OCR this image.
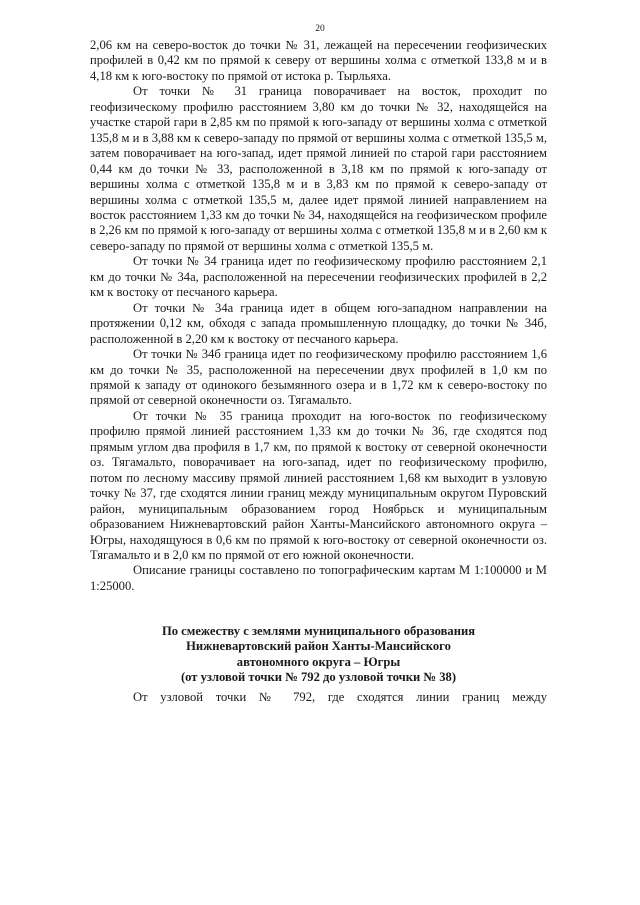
20

2,06 км на северо-восток до точки № 31, лежащей на пересечении геофизических профилей в 0,42 км по прямой к северу от вершины холма с отметкой 133,8 м и в 4,18 км к юго-востоку по прямой от истока р. Тырльяха.

От точки № 31 граница поворачивает на восток, проходит по геофизическому профилю расстоянием 3,80 км до точки № 32, находящейся на участке старой гари в 2,85 км по прямой к юго-западу от вершины холма с отметкой 135,8 м и в 3,88 км к северо-западу по прямой от вершины холма с отметкой 135,5 м, затем поворачивает на юго-запад, идет прямой линией по старой гари расстоянием 0,44 км до точки № 33, расположенной в 3,18 км по прямой к юго-западу от вершины холма с отметкой 135,8 м и в 3,83 км по прямой к северо-западу от вершины холма с отметкой 135,5 м, далее идет прямой линией направлением на восток расстоянием 1,33 км до точки № 34, находящейся на геофизическом профиле в 2,26 км по прямой к юго-западу от вершины холма с отметкой 135,8 м и в 2,60 км к северо-западу по прямой от вершины холма с отметкой 135,5 м.

От точки № 34 граница идет по геофизическому профилю расстоянием 2,1 км до точки № 34а, расположенной на пересечении геофизических профилей в 2,2 км к востоку от песчаного карьера.

От точки № 34а граница идет в общем юго-западном направлении на протяжении 0,12 км, обходя с запада промышленную площадку, до точки № 34б, расположенной в 2,20 км к востоку от песчаного карьера.

От точки № 34б граница идет по геофизическому профилю расстоянием 1,6 км до точки № 35, расположенной на пересечении двух профилей в 1,0 км по прямой к западу от одинокого безымянного озера и в 1,72 км к северо-востоку по прямой от северной оконечности оз. Тягамальто.

От точки № 35 граница проходит на юго-восток по геофизическому профилю прямой линией расстоянием 1,33 км до точки № 36, где сходятся под прямым углом два профиля в 1,7 км, по прямой к востоку от северной оконечности оз. Тягамальто, поворачивает на юго-запад, идет по геофизическому профилю, потом по лесному массиву прямой линией расстоянием 1,68 км выходит в узловую точку № 37, где сходятся линии границ между муниципальным округом Пуровский район, муниципальным образованием город Ноябрьск и муниципальным образованием Нижневартовский район Ханты-Мансийского автономного округа – Югры, находящуюся в 0,6 км по прямой к юго-востоку от северной оконечности оз. Тягамальто и в 2,0 км по прямой от его южной оконечности.

Описание границы составлено по топографическим картам М 1:100000 и М 1:25000.

По смежеству с землями муниципального образования
Нижневартовский район Ханты-Мансийского
автономного округа – Югры
(от узловой точки № 792 до узловой точки № 38)

От узловой точки № 792, где сходятся линии границ между
